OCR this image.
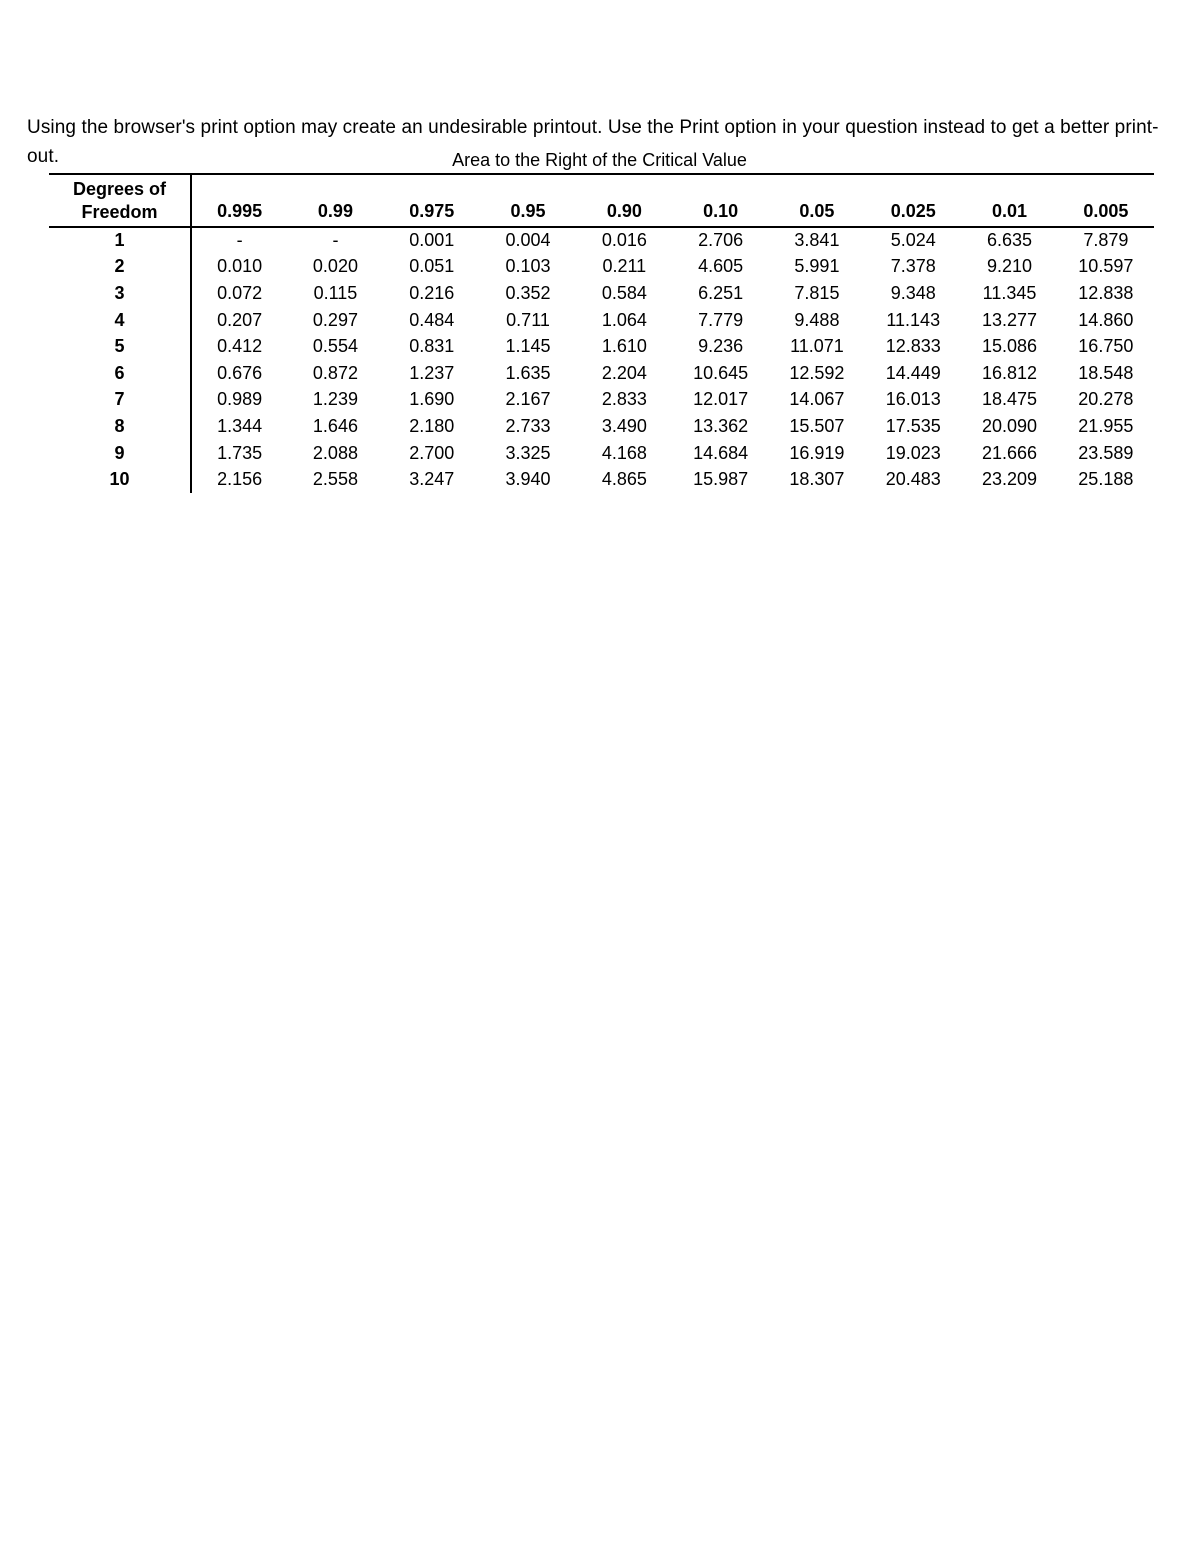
Using the browser's print option may create an undesirable printout. Use the Print option in your question instead to get a better print-out.	Area to the Right of the Critical Value
Degrees of Freedom	0.995	0.99	0.975	0.95	0.90	0.10	0.05	0.025	0.01	0.005
1	-	-	0.001	0.004	0.016	2.706	3.841	5.024	6.635	7.879
2	0.010	0.020	0.051	0.103	0.211	4.605	5.991	7.378	9.210	10.597
3	0.072	0.115	0.216	0.352	0.584	6.251	7.815	9.348	11.345	12.838
4	0.207	0.297	0.484	0.711	1.064	7.779	9.488	11.143	13.277	14.860
5	0.412	0.554	0.831	1.145	1.610	9.236	11.071	12.833	15.086	16.750
6	0.676	0.872	1.237	1.635	2.204	10.645	12.592	14.449	16.812	18.548
7	0.989	1.239	1.690	2.167	2.833	12.017	14.067	16.013	18.475	20.278
8	1.344	1.646	2.180	2.733	3.490	13.362	15.507	17.535	20.090	21.955
9	1.735	2.088	2.700	3.325	4.168	14.684	16.919	19.023	21.666	23.589
10	2.156	2.558	3.247	3.940	4.865	15.987	18.307	20.483	23.209	25.188
